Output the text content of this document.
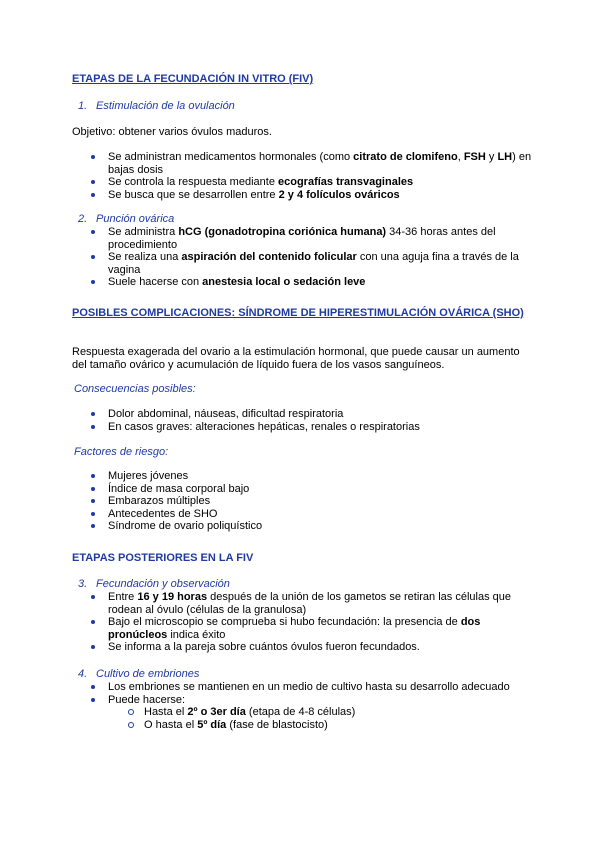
ETAPAS DE LA FECUNDACIÓN IN VITRO (FIV)
1. Estimulación de la ovulación
Objetivo: obtener varios óvulos maduros.
Se administran medicamentos hormonales (como citrato de clomifeno, FSH y LH) en bajas dosis
Se controla la respuesta mediante ecografías transvaginales
Se busca que se desarrollen entre 2 y 4 folículos ováricos
2. Punción ovárica
Se administra hCG (gonadotropina coriónica humana) 34-36 horas antes del procedimiento
Se realiza una aspiración del contenido folicular con una aguja fina a través de la vagina
Suele hacerse con anestesia local o sedación leve
POSIBLES COMPLICACIONES: SÍNDROME DE HIPERESTIMULACIÓN OVÁRICA (SHO)
Respuesta exagerada del ovario a la estimulación hormonal, que puede causar un aumento del tamaño ovárico y acumulación de líquido fuera de los vasos sanguíneos.
Consecuencias posibles:
Dolor abdominal, náuseas, dificultad respiratoria
En casos graves: alteraciones hepáticas, renales o respiratorias
Factores de riesgo:
Mujeres jóvenes
Índice de masa corporal bajo
Embarazos múltiples
Antecedentes de SHO
Síndrome de ovario poliquístico
ETAPAS POSTERIORES EN LA FIV
3. Fecundación y observación
Entre 16 y 19 horas después de la unión de los gametos se retiran las células que rodean al óvulo (células de la granulosa)
Bajo el microscopio se comprueba si hubo fecundación: la presencia de dos pronúcleos indica éxito
Se informa a la pareja sobre cuántos óvulos fueron fecundados.
4. Cultivo de embriones
Los embriones se mantienen en un medio de cultivo hasta su desarrollo adecuado
Puede hacerse:
Hasta el 2º o 3er día (etapa de 4-8 células)
O hasta el 5º día (fase de blastocisto)
